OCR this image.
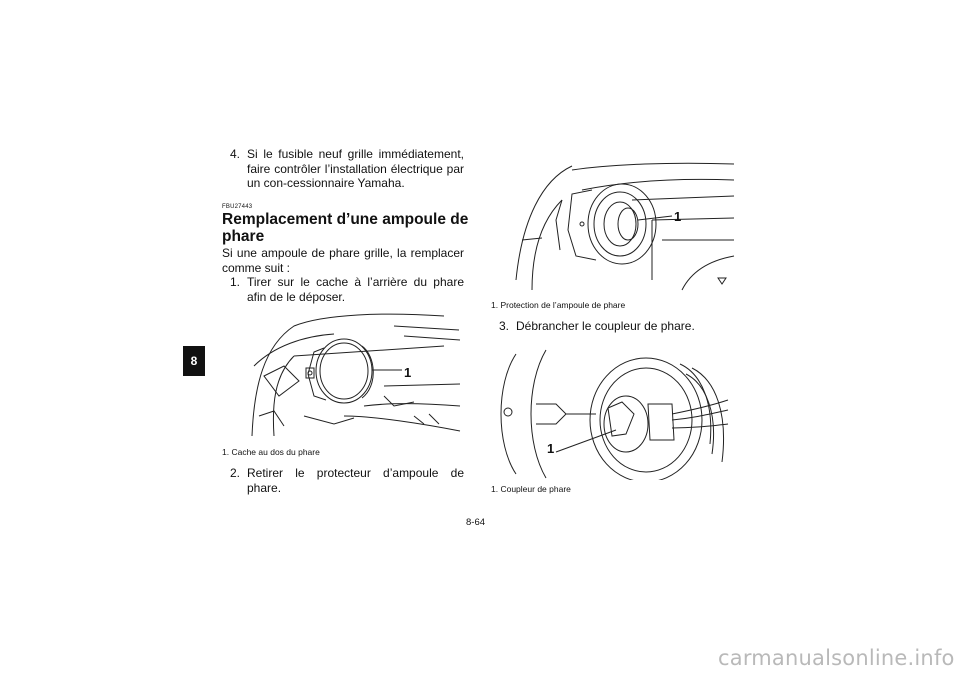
8
4. Si le fusible neuf grille immédiatement, faire contrôler l’installation électrique par un con-cessionnaire Yamaha.
FBU27443
Remplacement d’une ampoule de phare
Si une ampoule de phare grille, la remplacer comme suit :
1. Tirer sur le cache à l’arrière du phare afin de le déposer.
1
1. Cache au dos du phare
2. Retirer le protecteur d’ampoule de phare.
1
1. Protection de l’ampoule de phare
3. Débrancher le coupleur de phare.
1
1. Coupleur de phare
8-64
carmanualsonline.info
